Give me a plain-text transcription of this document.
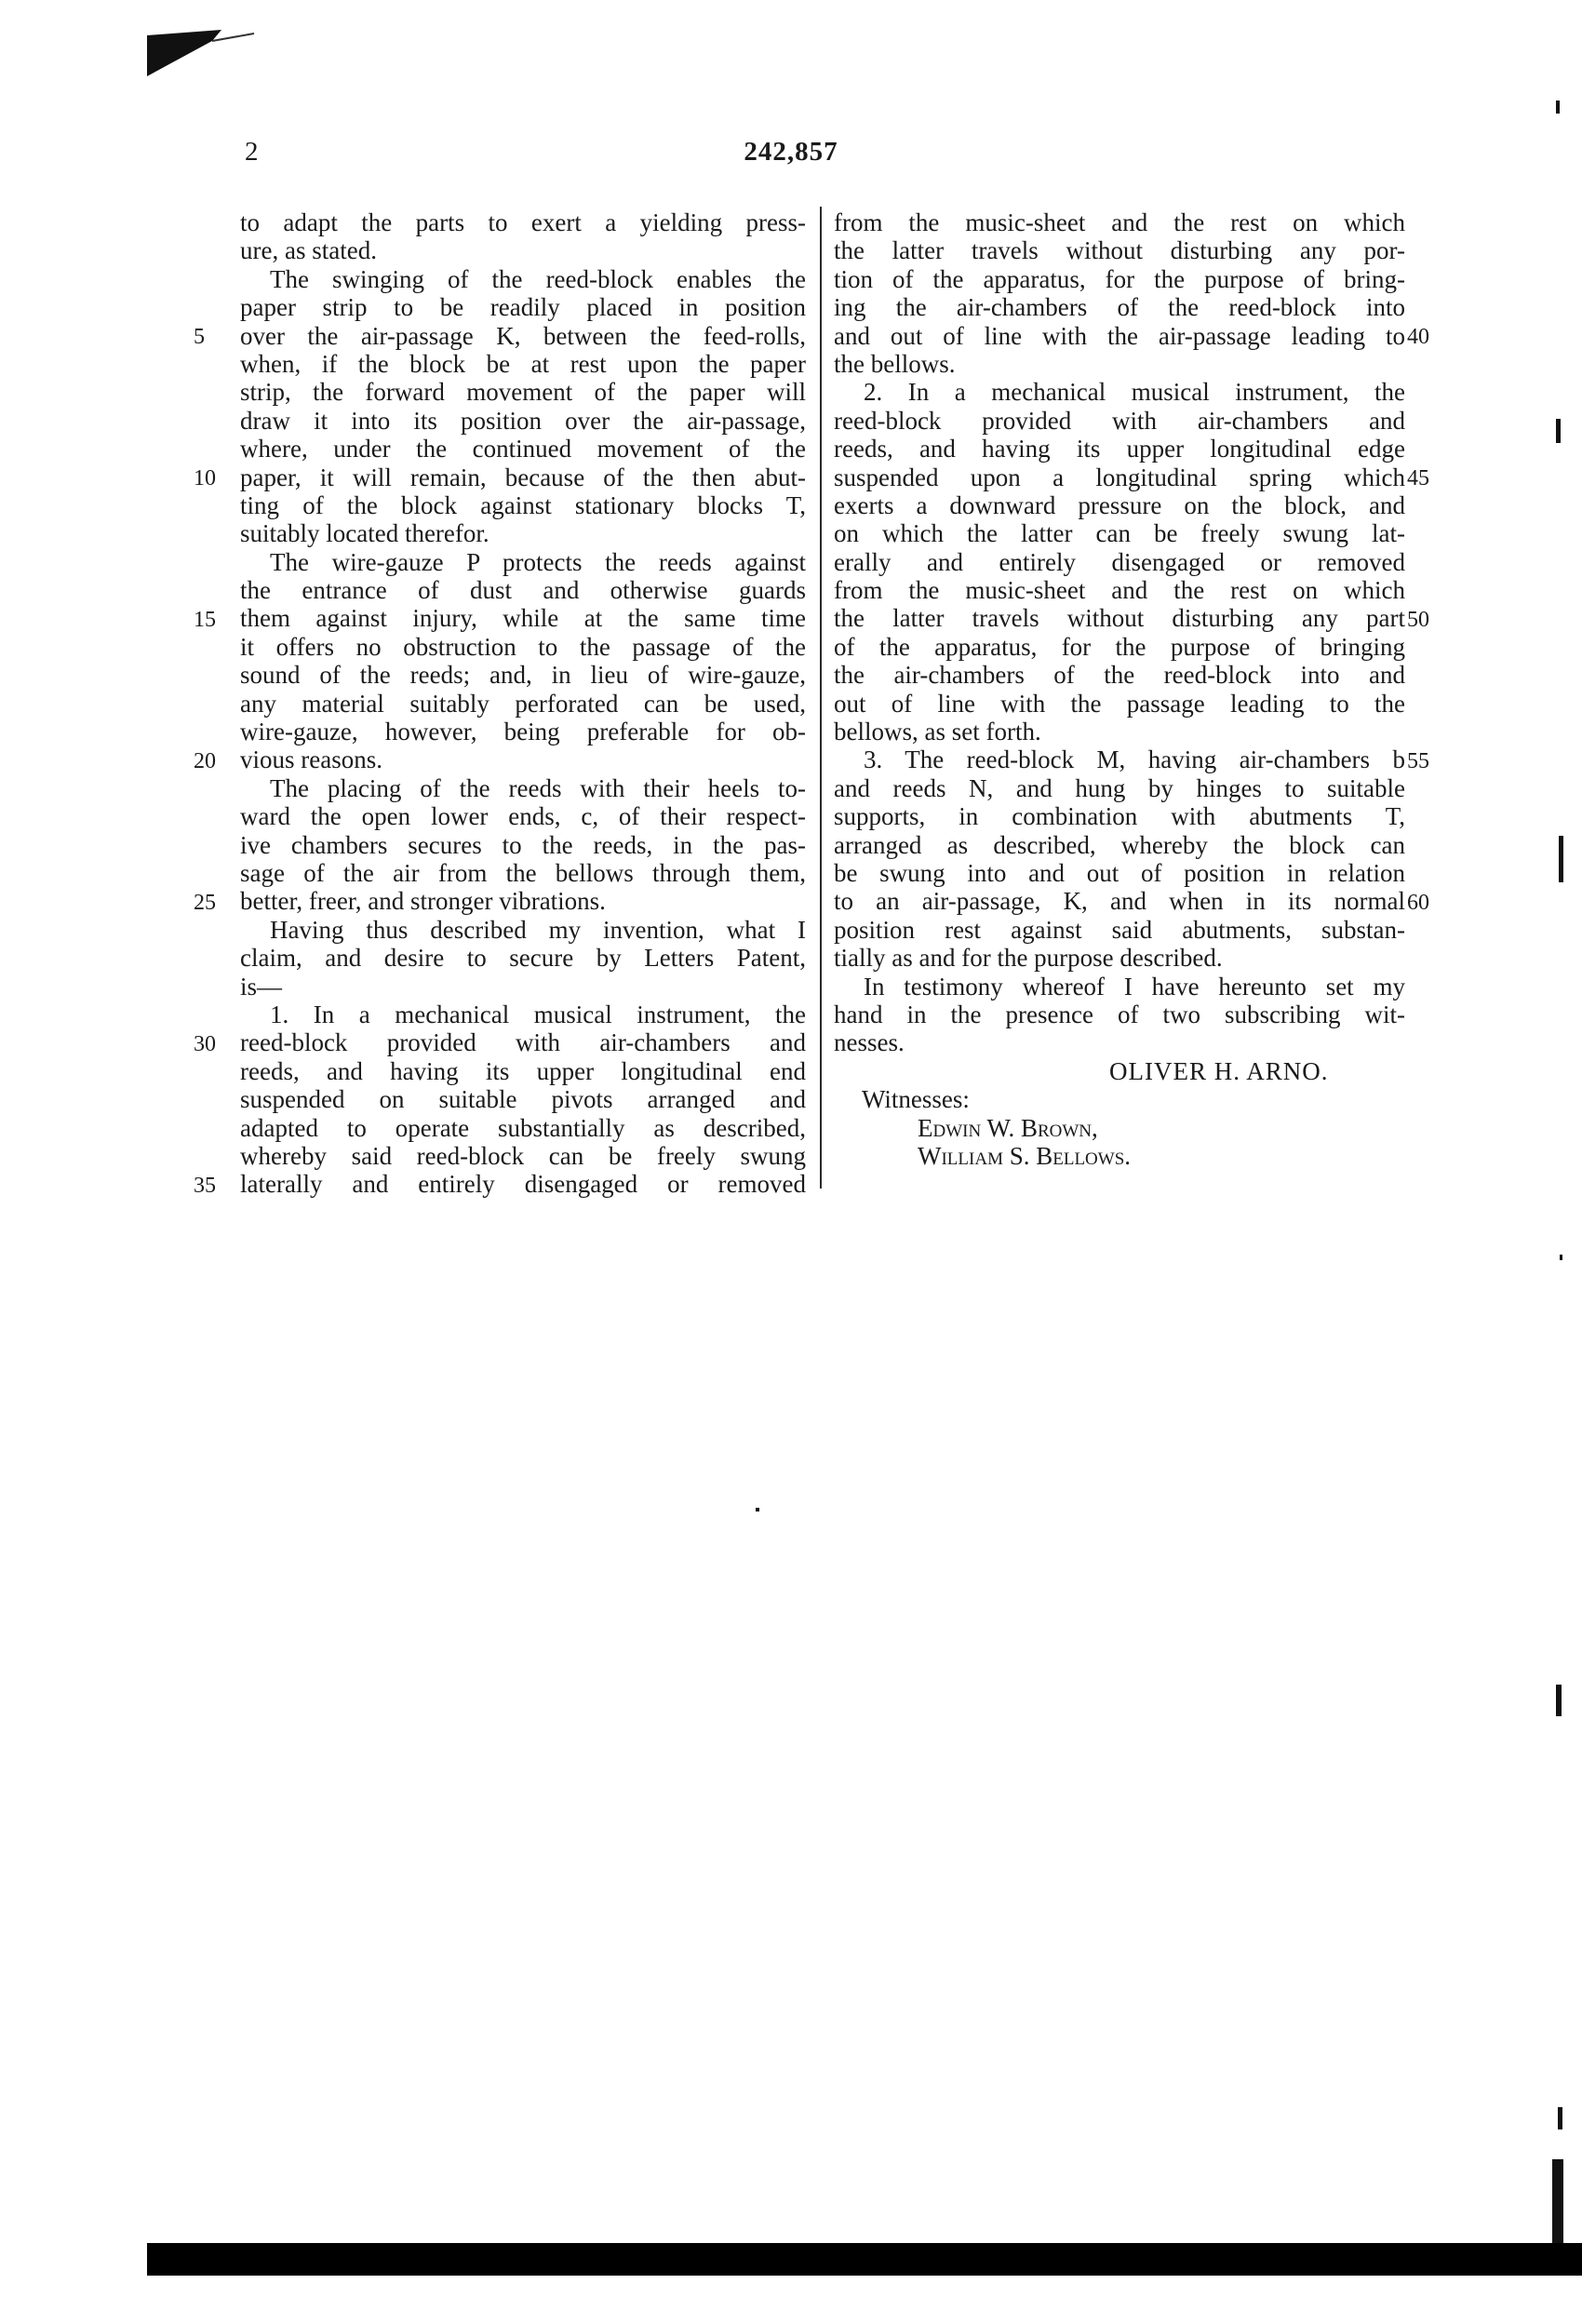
2	242,857
to adapt the parts to exert a yielding press-
ure, as stated.
The swinging of the reed-block enables the
paper strip to be readily placed in position
over the air-passage K, between the feed-rolls,
when, if the block be at rest upon the paper
strip, the forward movement of the paper will
draw it into its position over the air-passage,
where, under the continued movement of the
paper, it will remain, because of the then abut-
ting of the block against stationary blocks T,
suitably located therefor.
The wire-gauze P protects the reeds against
the entrance of dust and otherwise guards
them against injury, while at the same time
it offers no obstruction to the passage of the
sound of the reeds; and, in lieu of wire-gauze,
any material suitably perforated can be used,
wire-gauze, however, being preferable for ob-
vious reasons.
The placing of the reeds with their heels to-
ward the open lower ends, c, of their respect-
ive chambers secures to the reeds, in the pas-
sage of the air from the bellows through them,
better, freer, and stronger vibrations.
Having thus described my invention, what I
claim, and desire to secure by Letters Patent,
is—
1. In a mechanical musical instrument, the
reed-block provided with air-chambers and
reeds, and having its upper longitudinal end
suspended on suitable pivots arranged and
adapted to operate substantially as described,
whereby said reed-block can be freely swung
laterally and entirely disengaged or removed
from the music-sheet and the rest on which
the latter travels without disturbing any por-
tion of the apparatus, for the purpose of bring-
ing the air-chambers of the reed-block into
and out of line with the air-passage leading to
the bellows.
2. In a mechanical musical instrument, the
reed-block provided with air-chambers and
reeds, and having its upper longitudinal edge
suspended upon a longitudinal spring which
exerts a downward pressure on the block, and
on which the latter can be freely swung lat-
erally and entirely disengaged or removed
from the music-sheet and the rest on which
the latter travels without disturbing any part
of the apparatus, for the purpose of bringing
the air-chambers of the reed-block into and
out of line with the passage leading to the
bellows, as set forth.
3. The reed-block M, having air-chambers b
and reeds N, and hung by hinges to suitable
supports, in combination with abutments T,
arranged as described, whereby the block can
be swung into and out of position in relation
to an air-passage, K, and when in its normal
position rest against said abutments, substan-
tially as and for the purpose described.
In testimony whereof I have hereunto set my
hand in the presence of two subscribing wit-
nesses.
OLIVER H. ARNO.
Witnesses:
Edwin W. Brown,
William S. Bellows.
5
10
15
20
25
30
35
40
45
50
55
60
